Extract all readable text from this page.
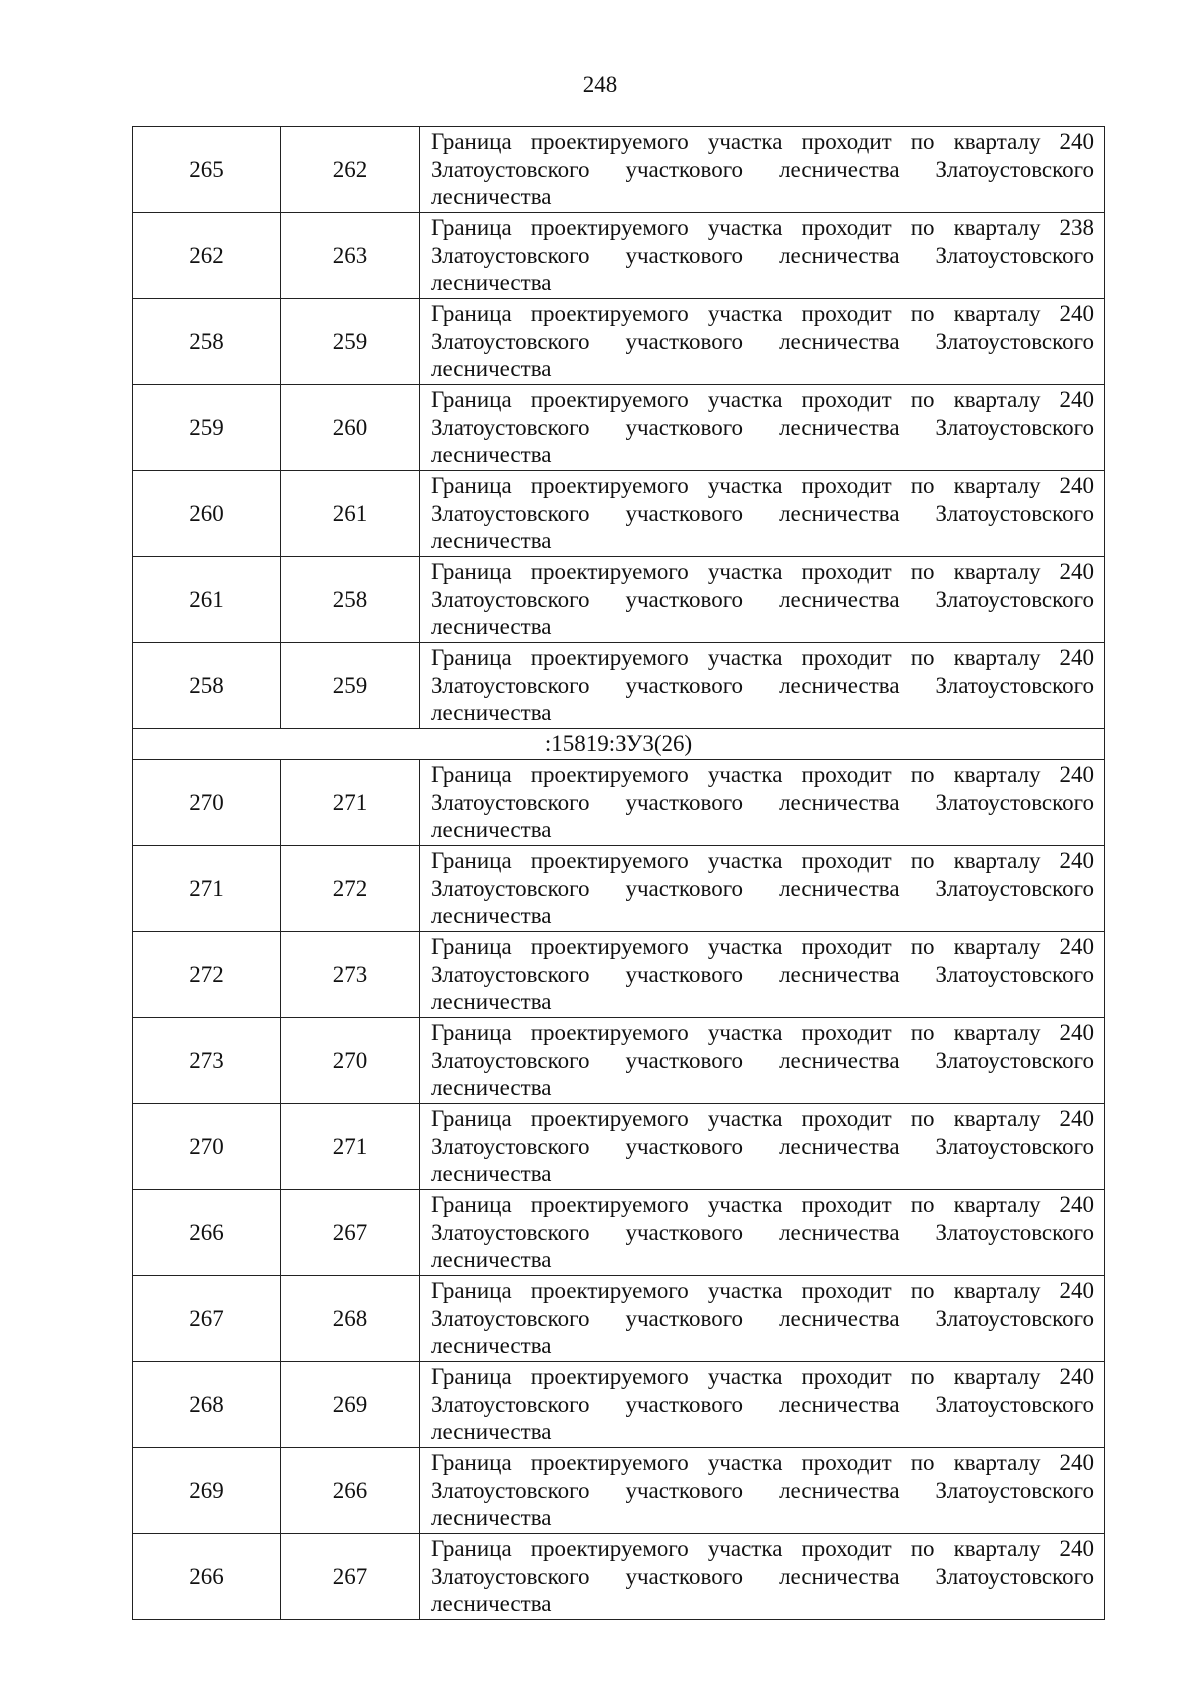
248
265	262	Граница проектируемого участка проходит по кварталу 240 Златоустовского участкового лесничества Златоустовского лесничества
262	263	Граница проектируемого участка проходит по кварталу 238 Златоустовского участкового лесничества Златоустовского лесничества
258	259	Граница проектируемого участка проходит по кварталу 240 Златоустовского участкового лесничества Златоустовского лесничества
259	260	Граница проектируемого участка проходит по кварталу 240 Златоустовского участкового лесничества Златоустовского лесничества
260	261	Граница проектируемого участка проходит по кварталу 240 Златоустовского участкового лесничества Златоустовского лесничества
261	258	Граница проектируемого участка проходит по кварталу 240 Златоустовского участкового лесничества Златоустовского лесничества
258	259	Граница проектируемого участка проходит по кварталу 240 Златоустовского участкового лесничества Златоустовского лесничества
:15819:ЗУ3(26)		
270	271	Граница проектируемого участка проходит по кварталу 240 Златоустовского участкового лесничества Златоустовского лесничества
271	272	Граница проектируемого участка проходит по кварталу 240 Златоустовского участкового лесничества Златоустовского лесничества
272	273	Граница проектируемого участка проходит по кварталу 240 Златоустовского участкового лесничества Златоустовского лесничества
273	270	Граница проектируемого участка проходит по кварталу 240 Златоустовского участкового лесничества Златоустовского лесничества
270	271	Граница проектируемого участка проходит по кварталу 240 Златоустовского участкового лесничества Златоустовского лесничества
266	267	Граница проектируемого участка проходит по кварталу 240 Златоустовского участкового лесничества Златоустовского лесничества
267	268	Граница проектируемого участка проходит по кварталу 240 Златоустовского участкового лесничества Златоустовского лесничества
268	269	Граница проектируемого участка проходит по кварталу 240 Златоустовского участкового лесничества Златоустовского лесничества
269	266	Граница проектируемого участка проходит по кварталу 240 Златоустовского участкового лесничества Златоустовского лесничества
266	267	Граница проектируемого участка проходит по кварталу 240 Златоустовского участкового лесничества Златоустовского лесничества
